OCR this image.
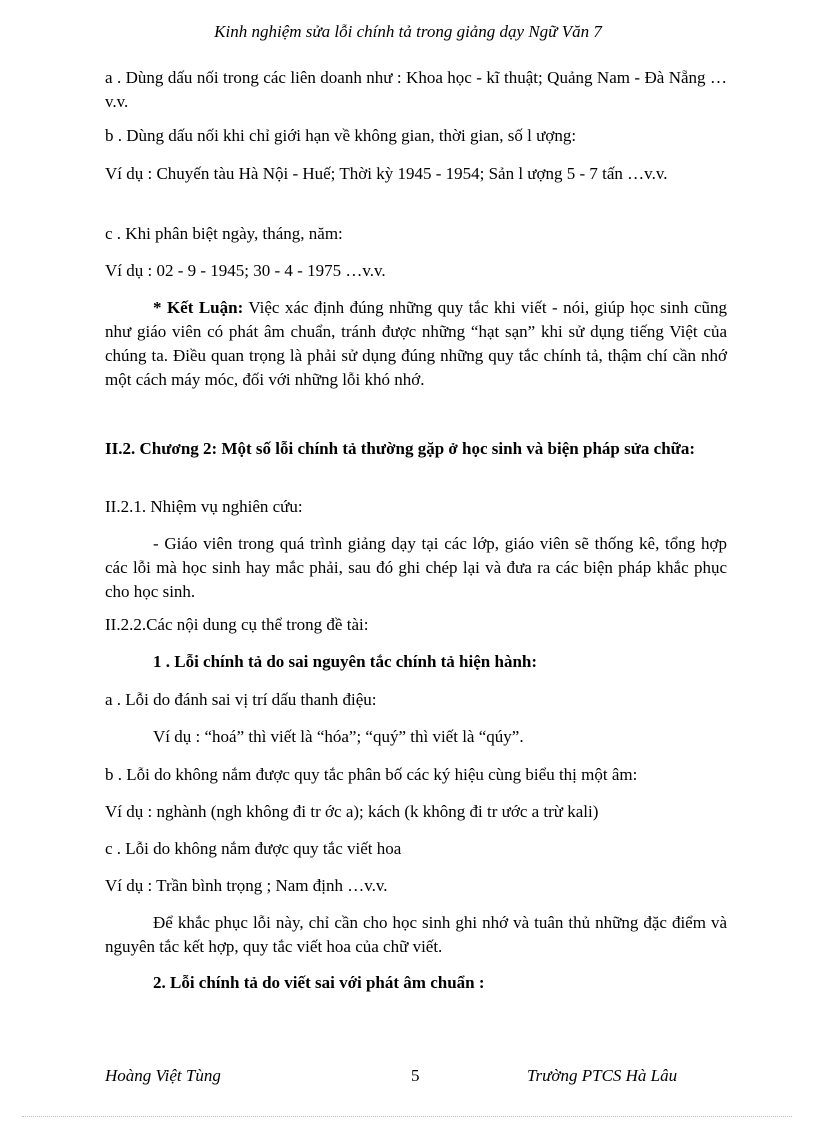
Kinh nghiệm sửa lỗi chính tả trong giảng dạy Ngữ Văn 7

a . Dùng dấu nối trong các liên doanh như : Khoa học - kĩ thuật; Quảng Nam - Đà Nẵng …v.v.

b . Dùng dấu nối khi chỉ giới hạn về không gian, thời gian, số l ượng:

Ví dụ : Chuyến tàu Hà Nội - Huế; Thời kỳ 1945 - 1954; Sản l ượng 5 - 7 tấn …v.v.

c . Khi phân biệt ngày, tháng, năm:

Ví dụ : 02 - 9 - 1945; 30 - 4 - 1975 …v.v.

* Kết Luận: Việc xác định đúng những quy tắc khi viết - nói, giúp học sinh cũng như giáo viên có phát âm chuẩn, tránh được những “hạt sạn” khi sử dụng tiếng Việt của chúng ta. Điều quan trọng là phải sử dụng đúng những quy tắc chính tả, thậm chí cần nhớ một cách máy móc, đối với những lỗi khó nhớ.

II.2. Chương 2: Một số lỗi chính tả thường gặp ở học sinh và biện pháp sửa chữa:

II.2.1. Nhiệm vụ nghiên cứu:

- Giáo viên trong quá trình giảng dạy tại các lớp, giáo viên sẽ thống kê, tổng hợp các lỗi mà học sinh hay mắc phải, sau đó ghi chép lại và đưa ra các biện pháp khắc phục cho học sinh.

II.2.2.Các nội dung cụ thể trong đề tài:

1 . Lỗi chính tả do sai nguyên tắc chính tả hiện hành:

a . Lỗi do đánh sai vị trí dấu thanh điệu:

Ví dụ : “hoá” thì viết là “hóa”; “quý” thì viết là “qúy”.

b . Lỗi do không nắm được quy tắc phân bố các ký hiệu cùng biểu thị một âm:

Ví dụ : nghành (ngh không đi tr ớc a); kách (k không đi tr ước a trừ kali)

c . Lỗi do không nắm được quy tắc viết hoa

Ví dụ : Trần bình trọng ; Nam định …v.v.

Để khắc phục lỗi này, chỉ cần cho học sinh ghi nhớ và tuân thủ những đặc điểm và nguyên tắc kết hợp, quy tắc viết hoa của chữ viết.

2. Lỗi chính tả do viết sai với phát âm chuẩn :

Hoàng Việt Tùng	5	Trường PTCS Hà Lâu
